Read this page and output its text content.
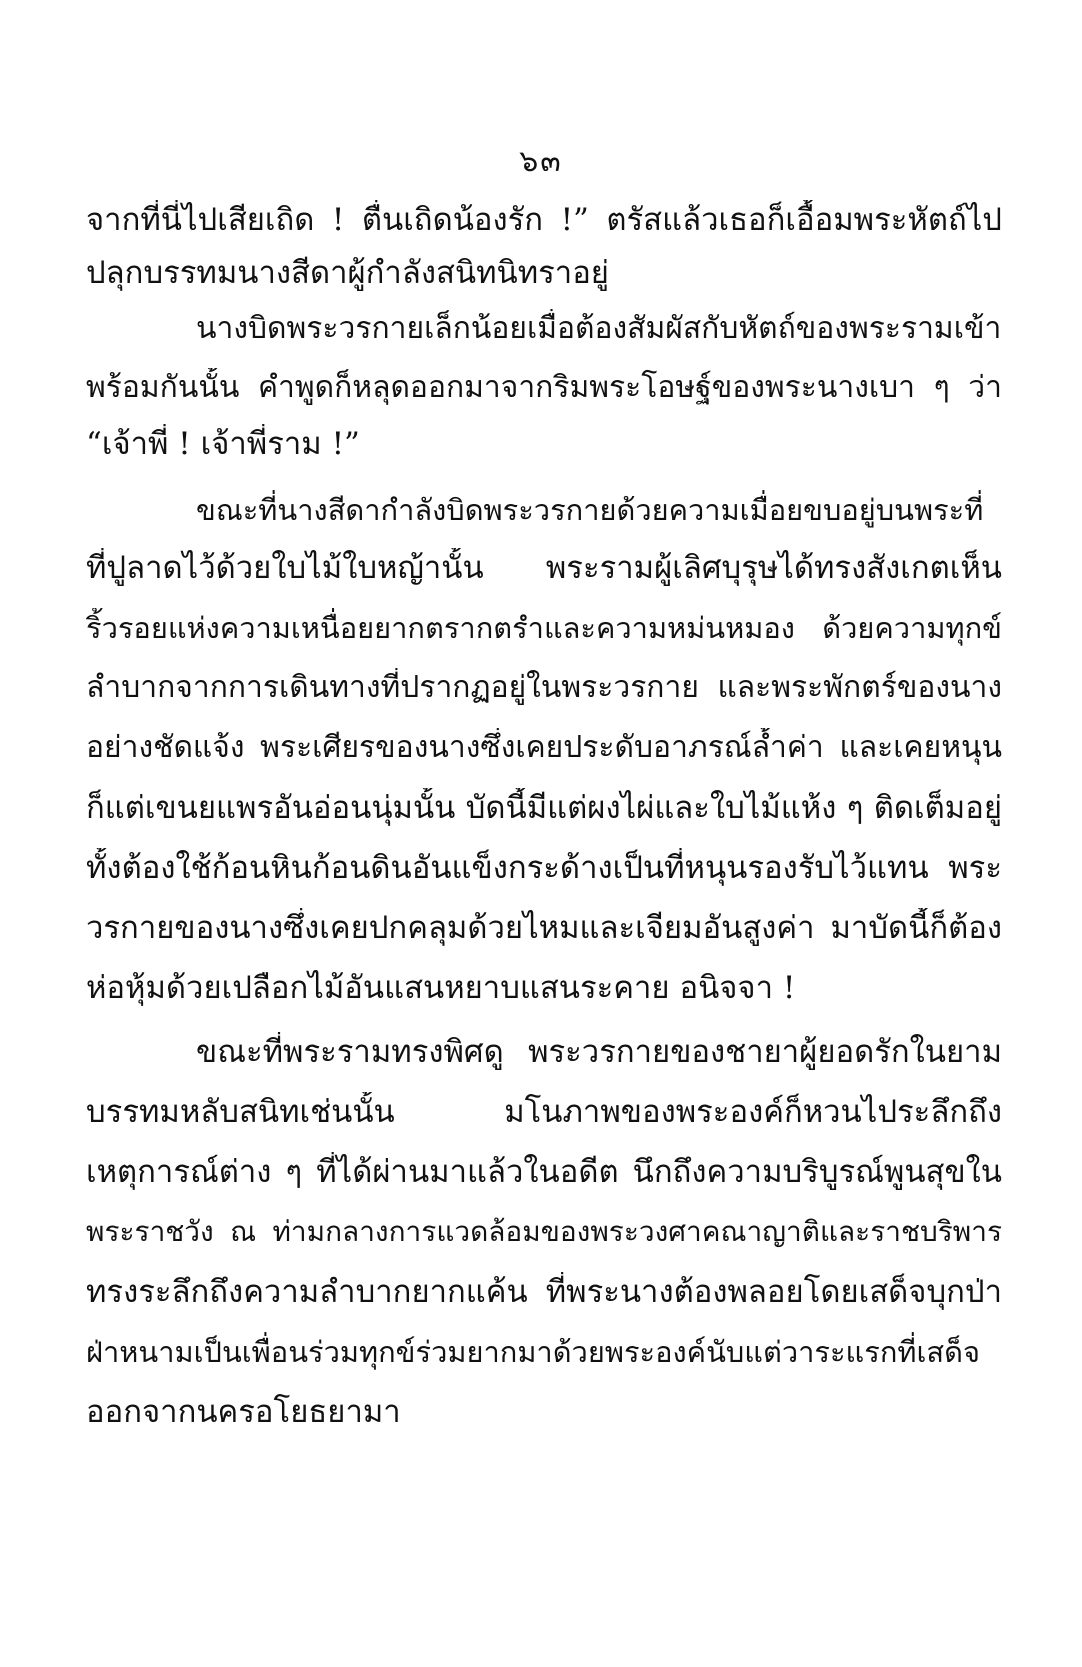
๖๓
จากที่นี่ไปเสียเถิด ! ตื่นเถิดน้องรัก !” ตรัสแล้วเธอก็เอื้อมพระหัตถ์ไป
ปลุกบรรทมนางสีดาผู้กำลังสนิทนิทราอยู่
นางบิดพระวรกายเล็กน้อยเมื่อต้องสัมผัสกับหัตถ์ของพระรามเข้า
พร้อมกันนั้น คำพูดก็หลุดออกมาจากริมพระโอษฐ์ของพระนางเบา ๆ ว่า
“เจ้าพี่ ! เจ้าพี่ราม !”
ขณะที่นางสีดากำลังบิดพระวรกายด้วยความเมื่อยขบอยู่บนพระที่
ที่ปูลาดไว้ด้วยใบไม้ใบหญ้านั้น พระรามผู้เลิศบุรุษได้ทรงสังเกตเห็น
ริ้วรอยแห่งความเหนื่อยยากตรากตรำและความหม่นหมอง ด้วยความทุกข์
ลำบากจากการเดินทางที่ปรากฏอยู่ในพระวรกาย และพระพักตร์ของนาง
อย่างชัดแจ้ง พระเศียรของนางซึ่งเคยประดับอาภรณ์ล้ำค่า และเคยหนุน
ก็แต่เขนยแพรอันอ่อนนุ่มนั้น บัดนี้มีแต่ผงไผ่และใบไม้แห้ง ๆ ติดเต็มอยู่
ทั้งต้องใช้ก้อนหินก้อนดินอันแข็งกระด้างเป็นที่หนุนรองรับไว้แทน พระ
วรกายของนางซึ่งเคยปกคลุมด้วยไหมและเจียมอันสูงค่า มาบัดนี้ก็ต้อง
ห่อหุ้มด้วยเปลือกไม้อันแสนหยาบแสนระคาย อนิจจา !
ขณะที่พระรามทรงพิศดู พระวรกายของชายาผู้ยอดรักในยาม
บรรทมหลับสนิทเช่นนั้น มโนภาพของพระองค์ก็หวนไประลึกถึง
เหตุการณ์ต่าง ๆ ที่ได้ผ่านมาแล้วในอดีต นึกถึงความบริบูรณ์พูนสุขใน
พระราชวัง ณ ท่ามกลางการแวดล้อมของพระวงศาคณาญาติและราชบริพาร
ทรงระลึกถึงความลำบากยากแค้น ที่พระนางต้องพลอยโดยเสด็จบุกป่า
ฝ่าหนามเป็นเพื่อนร่วมทุกข์ร่วมยากมาด้วยพระองค์นับแต่วาระแรกที่เสด็จ
ออกจากนครอโยธยามา
